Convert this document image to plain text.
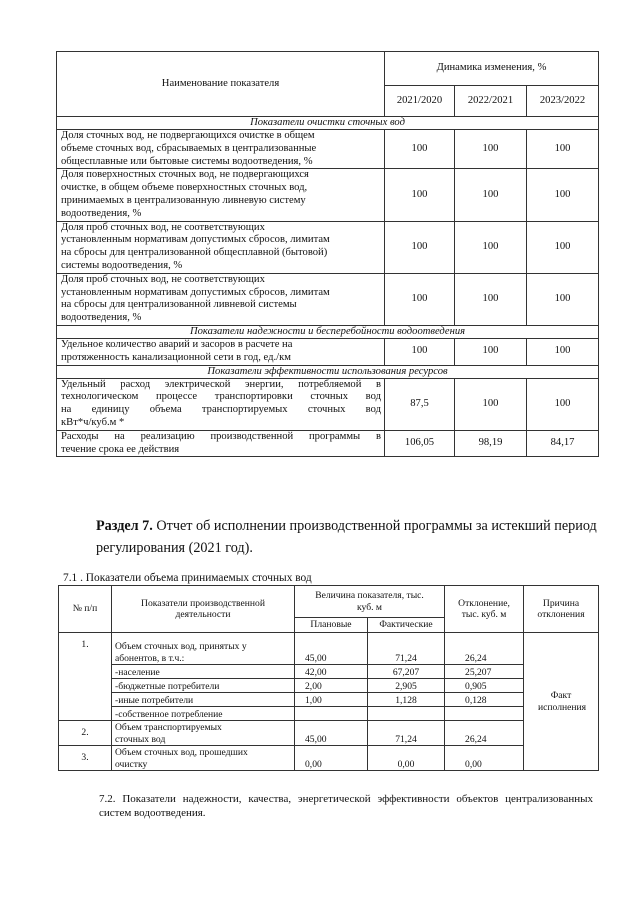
Наименование показателя	Динамика изменения, %		
	2021/2020	2022/2021	2023/2022
Показатели очистки сточных вод			

Доля сточных вод, не подвергающихся очистке в общем
объеме сточных вод, сбрасываемых в централизованные
общесплавные или бытовые системы водоотведения, %	100	100	100

Доля поверхностных сточных вод, не подвергающихся
очистке, в общем объеме поверхностных сточных вод,
принимаемых в централизованную ливневую систему
водоотведения, %	100	100	100

Доля проб сточных вод, не соответствующих
установленным нормативам допустимых сбросов, лимитам
на сбросы для централизованной общесплавной (бытовой)
системы водоотведения, %	100	100	100

Доля проб сточных вод, не соответствующих
установленным нормативам допустимых сбросов, лимитам
на сбросы для централизованной ливневой системы
водоотведения, %	100	100	100
Показатели надежности и бесперебойности водоотведения			

Удельное количество аварий и засоров в расчете на
протяженность канализационной сети в год, ед./км	100	100	100
Показатели эффективности использования ресурсов			

Удельный расход электрической энергии, потребляемой в
технологическом процессе транспортировки сточных вод
на единицу объема транспортируемых сточных вод
кВт*ч/куб.м *	87,5	100	100

Расходы на реализацию производственной программы в
течение срока ее действия	106,05	98,19	84,17
Раздел 7. Отчет об исполнении производственной программы за истекший период регулирования (2021 год).
7.1 . Показатели объема принимаемых сточных вод
№ п/п	Показатели производственной деятельности	Величина показателя, тыс. куб. м		Отклонение, тыс. куб. м	Причина отклонения
		Плановые	Фактические		
1.	Объем сточных вод, принятых у абонентов, в т.ч.:	45,00	71,24	26,24	Факт исполнения
	-население	42,00	67,207	25,207	
	-бюджетные потребители	2,00	2,905	0,905	
	-иные потребители	1,00	1,128	0,128	
	-собственное потребление				
2.	Объем транспортируемых сточных вод	45,00	71,24	26,24	
3.	Объем сточных вод, прошедших очистку	0,00	0,00	0,00	
7.2. Показатели надежности, качества, энергетической эффективности объектов централизованных систем водоотведения.
